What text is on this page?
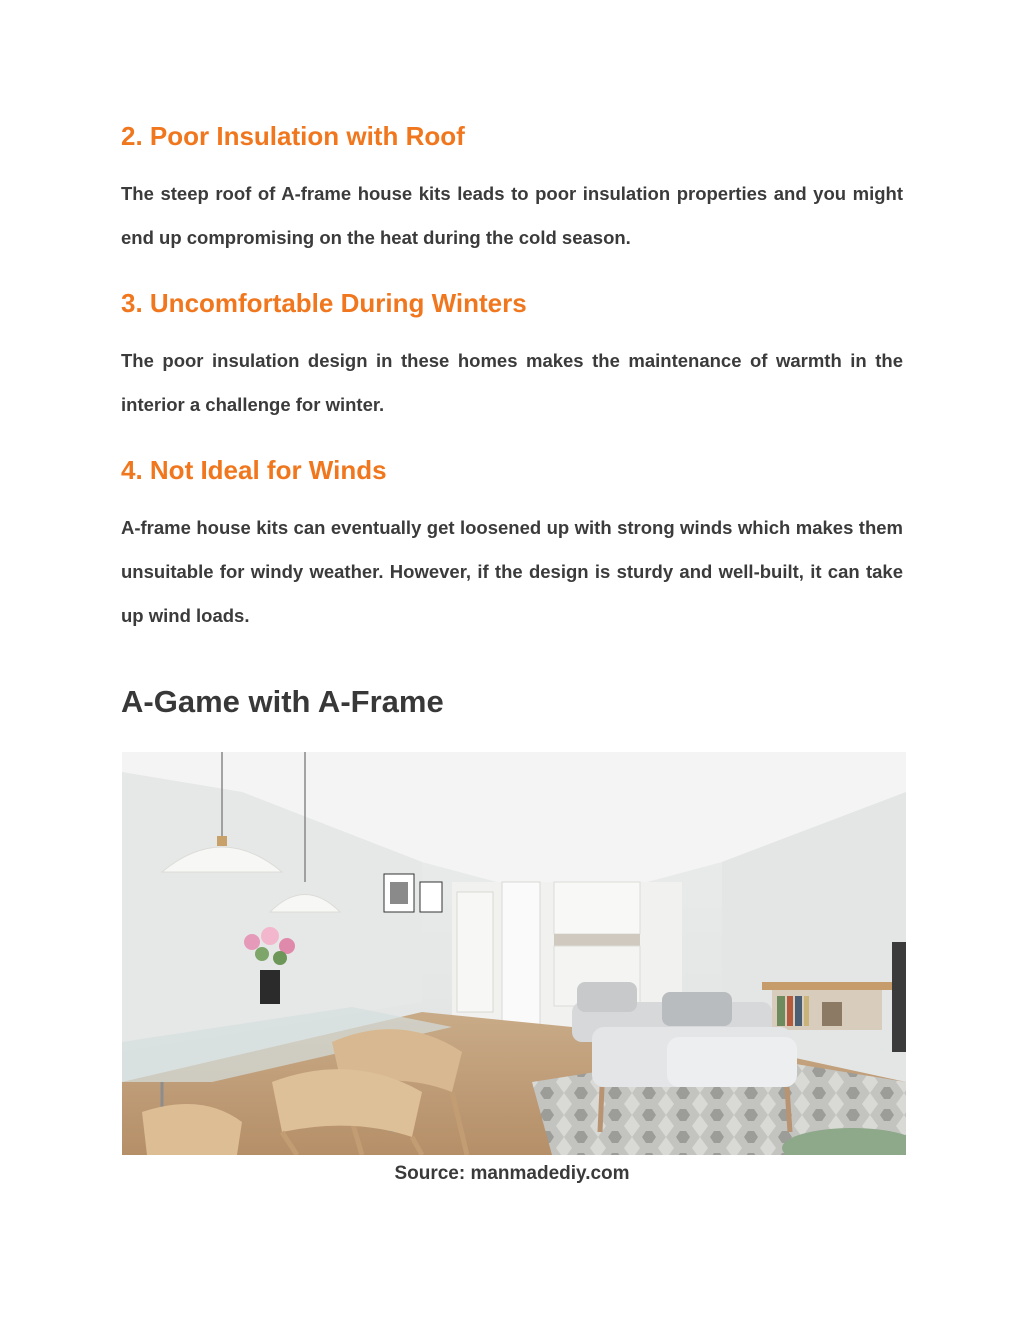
2. Poor Insulation with Roof

The steep roof of A-frame house kits leads to poor insulation properties and you might end up compromising on the heat during the cold season.

3. Uncomfortable During Winters

The poor insulation design in these homes makes the maintenance of warmth in the interior a challenge for winter.

4. Not Ideal for Winds

A-frame house kits can eventually get loosened up with strong winds which makes them unsuitable for windy weather. However, if the design is sturdy and well-built, it can take up wind loads.

A-Game with A-Frame
Source: manmadediy.com
